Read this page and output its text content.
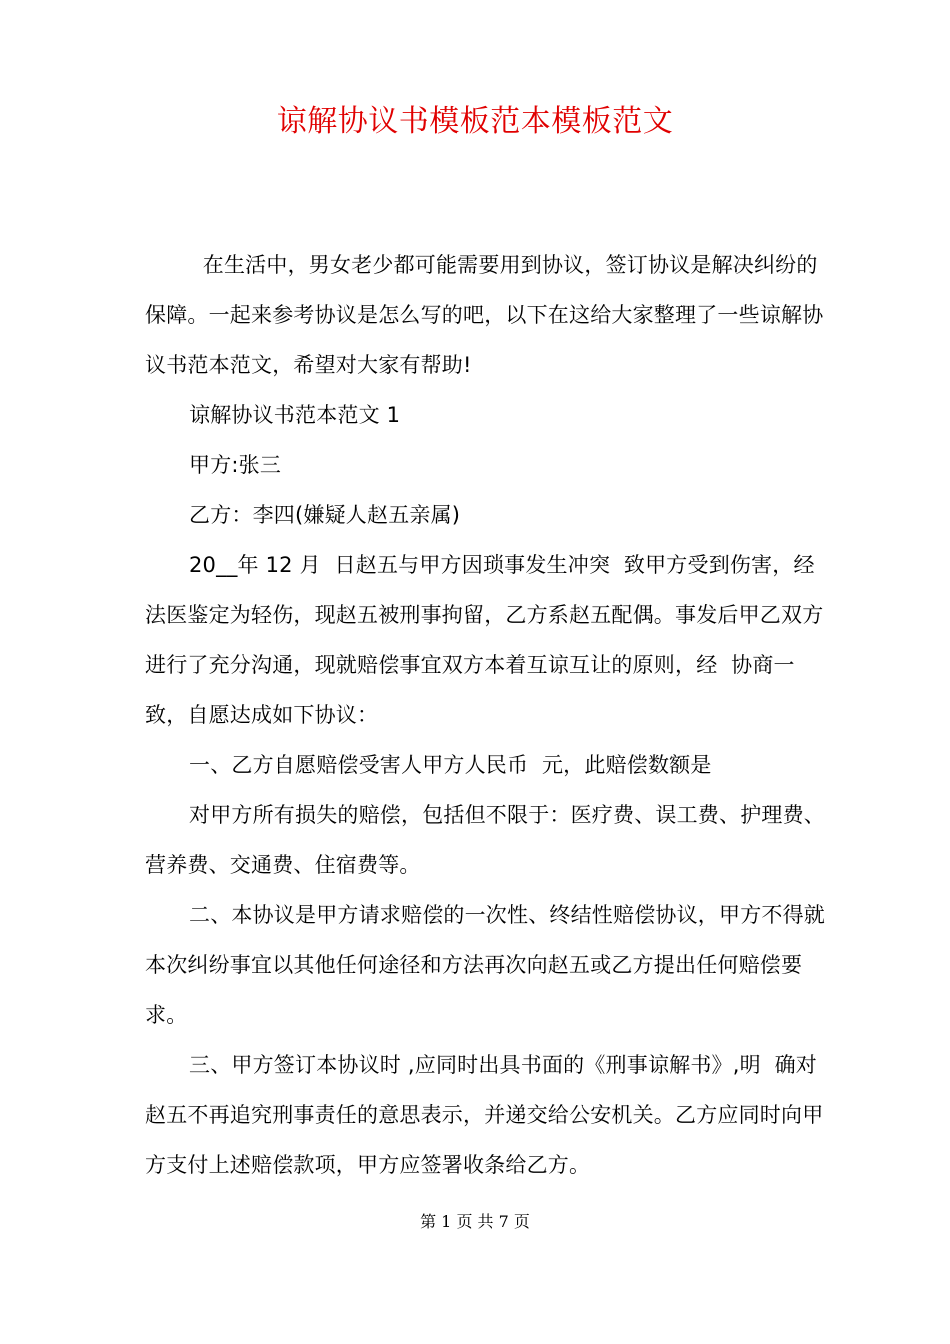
谅解协议书模板范本模板范文

在生活中，男女老少都可能需要用到协议，签订协议是解决纠纷的保障。一起来参考协议是怎么写的吧，以下在这给大家整理了一些谅解协议书范本范文，希望对大家有帮助!

谅解协议书范本范文 1

甲方:张三

乙方：李四(嫌疑人赵五亲属)

20__年 12 月  日赵五与甲方因琐事发生冲突  致甲方受到伤害，经法医鉴定为轻伤，现赵五被刑事拘留，乙方系赵五配偶。事发后甲乙双方进行了充分沟通，现就赔偿事宜双方本着互谅互让的原则，经  协商一致，自愿达成如下协议：

一、乙方自愿赔偿受害人甲方人民币  元，此赔偿数额是

对甲方所有损失的赔偿，包括但不限于：医疗费、误工费、护理费、  营养费、交通费、住宿费等。

二、本协议是甲方请求赔偿的一次性、终结性赔偿协议，甲方不得就本次纠纷事宜以其他任何途径和方法再次向赵五或乙方提出任何赔偿要求。

三、甲方签订本协议时 ,应同时出具书面的《刑事谅解书》,明  确对赵五不再追究刑事责任的意思表示，并递交给公安机关。乙方应同时向甲方支付上述赔偿款项，甲方应签署收条给乙方。

第 1 页 共 7 页
